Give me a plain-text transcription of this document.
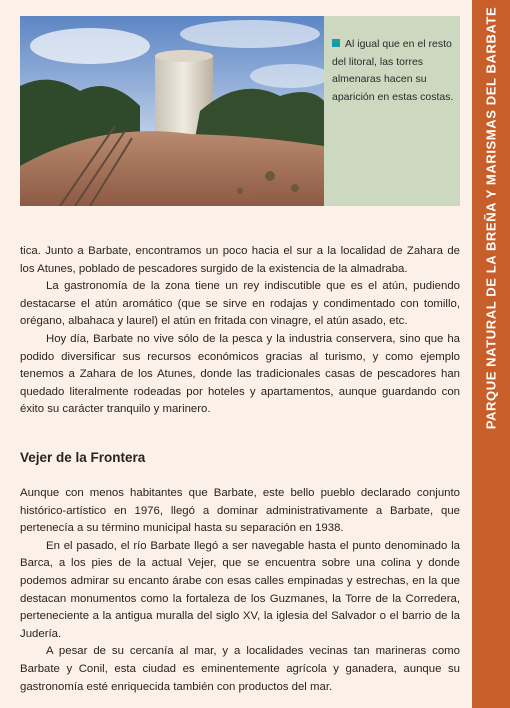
Al igual que en el resto del litoral, las torres almenaras hacen su aparición en estas costas. PARQUE NATURAL DE LA BREÑA Y MARISMAS DEL BARBATE

tica. Junto a Barbate, encontramos un poco hacia el sur a la localidad de Zahara de los Atunes, poblado de pescadores surgido de la existencia de la almadraba.

La gastronomía de la zona tiene un rey indiscutible que es el atún, pudiendo destacarse el atún aromático (que se sirve en rodajas y condimentado con tomillo, orégano, albahaca y laurel) el atún en fritada con vinagre, el atún asado, etc.

Hoy día, Barbate no vive sólo de la pesca y la industria conservera, sino que ha podido diversificar sus recursos económicos gracias al turismo, y como ejemplo tenemos a Zahara de los Atunes, donde las tradicionales casas de pescadores han quedado literalmente rodeadas por hoteles y apartamentos, aunque guardando con éxito su carácter tranquilo y marinero.

Vejer de la Frontera

Aunque con menos habitantes que Barbate, este bello pueblo declarado conjunto histórico-artístico en 1976, llegó a dominar administrativamente a Barbate, que pertenecía a su término municipal hasta su separación en 1938.

En el pasado, el río Barbate llegó a ser navegable hasta el punto denominado la Barca, a los pies de la actual Vejer, que se encuentra sobre una colina y donde podemos admirar su encanto árabe con esas calles empinadas y estrechas, en la que destacan monumentos como la fortaleza de los Guzmanes, la Torre de la Corredera, perteneciente a la antigua muralla del siglo XV, la iglesia del Salvador o el barrio de la Judería.

A pesar de su cercanía al mar, y a localidades vecinas tan marineras como Barbate y Conil, esta ciudad es eminentemente agrícola y ganadera, aunque su gastronomía esté enriquecida también con productos del mar.
